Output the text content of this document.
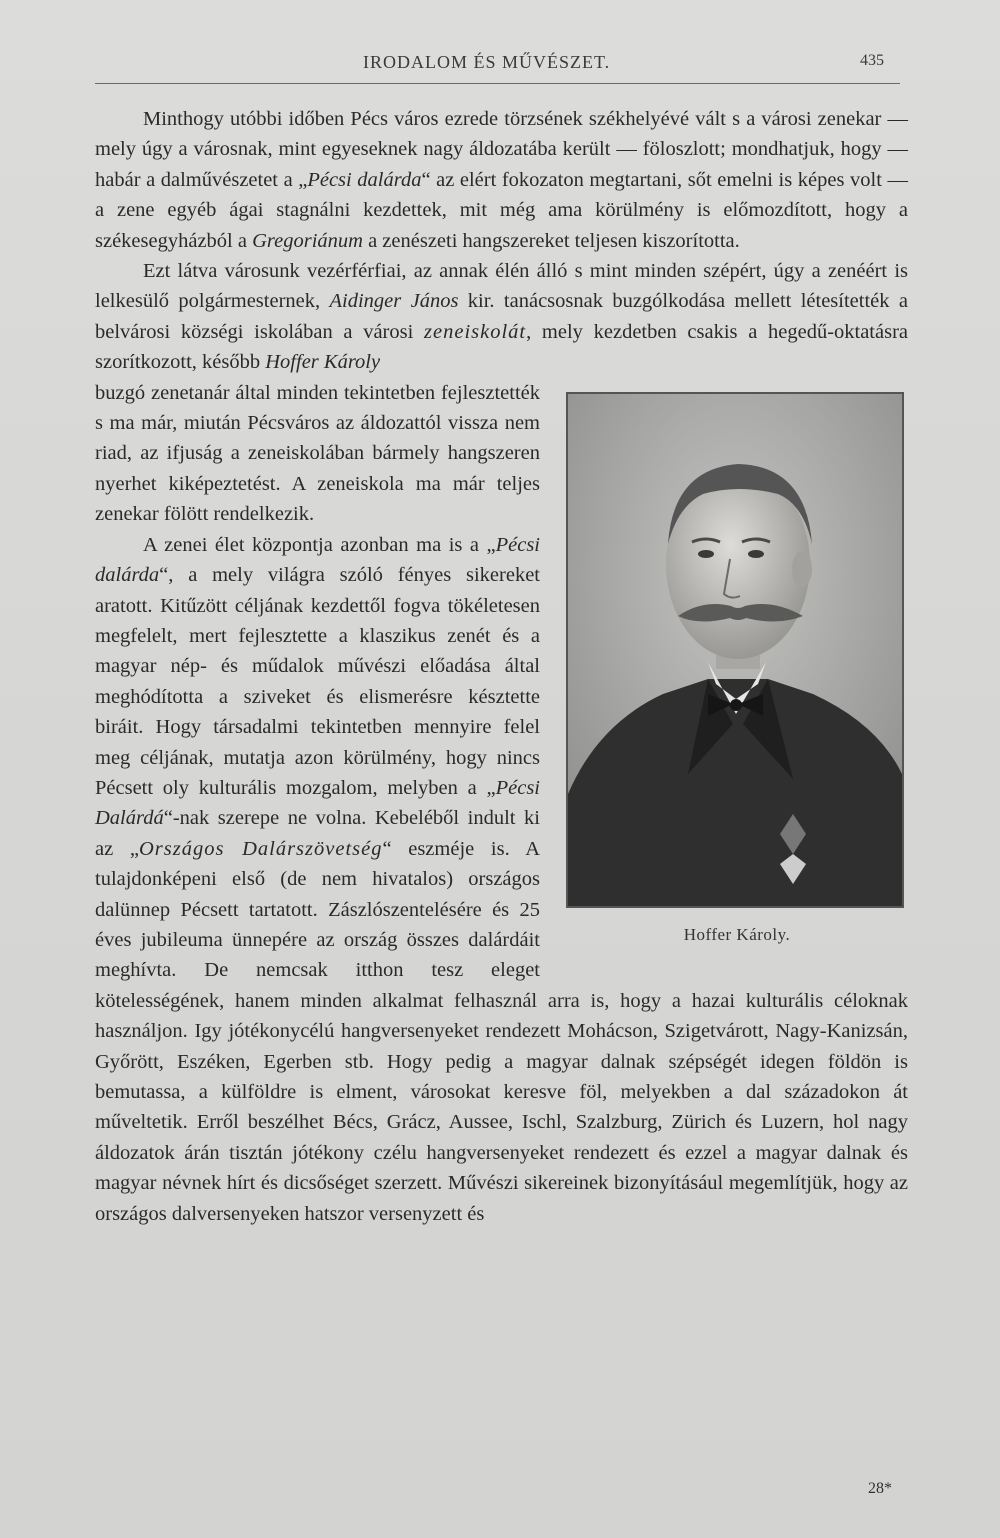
IRODALOM ÉS MŰVÉSZET.	435

Minthogy utóbbi időben Pécs város ezrede törzsének székhelyévé vált s a városi zenekar — mely úgy a városnak, mint egyeseknek nagy áldozatába került — föloszlott; mondhatjuk, hogy — habár a dalművészetet a „Pécsi dalárda“ az elért fokozaton megtartani, sőt emelni is képes volt — a zene egyéb ágai stagnálni kezdettek, mit még ama körülmény is előmozdított, hogy a székesegyházból a Gregoriánum a zenészeti hangszereket teljesen kiszorította.

Ezt látva városunk vezérférfiai, az annak élén álló s mint minden szépért, úgy a zenéért is lelkesülő polgármesternek, Aidinger János kir. tanácsosnak buzgólkodása mellett létesítették a belvárosi községi iskolában a városi zeneiskolát, mely kezdetben csakis a hegedű-oktatásra szorítkozott, később Hoffer Károly

Hoffer Károly.
buzgó zenetanár által minden tekintetben fejlesztették s ma már, miután Pécsváros az áldozattól vissza nem riad, az ifjuság a zeneiskolában bármely hangszeren nyerhet kiképeztetést. A zeneiskola ma már teljes zenekar fölött rendelkezik.

A zenei élet központja azonban ma is a „Pécsi dalárda“, a mely világra szóló fényes sikereket aratott. Kitűzött céljának kezdettől fogva tökéletesen megfelelt, mert fejlesztette a klaszikus zenét és a magyar nép- és műdalok művészi előadása által meghódította a sziveket és elismerésre késztette biráit. Hogy társadalmi tekintetben mennyire felel meg céljának, mutatja azon körülmény, hogy nincs Pécsett oly kulturális mozgalom, melyben a „Pécsi Dalárdá“-nak szerepe ne volna. Kebeléből indult ki az „Országos Dalárszövetség“ eszméje is. A tulajdonképeni első (de nem hivatalos) országos dalünnep Pécsett tartatott. Zászlószentelésére és 25 éves jubileuma ünnepére az ország összes dalárdáit meghívta. De nemcsak itthon tesz eleget kötelességének, hanem minden alkalmat felhasznál arra is, hogy a hazai kulturális céloknak használjon. Igy jótékonycélú hangversenyeket rendezett Mohácson, Szigetvárott, Nagy-Kanizsán, Győrött, Eszéken, Egerben stb. Hogy pedig a magyar dalnak szépségét idegen földön is bemutassa, a külföldre is elment, városokat keresve föl, melyekben a dal századokon át műveltetik. Erről beszélhet Bécs, Grácz, Aussee, Ischl, Szalzburg, Zürich és Luzern, hol nagy áldozatok árán tisztán jótékony czélu hangversenyeket rendezett és ezzel a magyar dalnak és magyar névnek hírt és dicsőséget szerzett. Művészi sikereinek bizonyításául megemlítjük, hogy az országos dalversenyeken hatszor versenyzett és

28*
